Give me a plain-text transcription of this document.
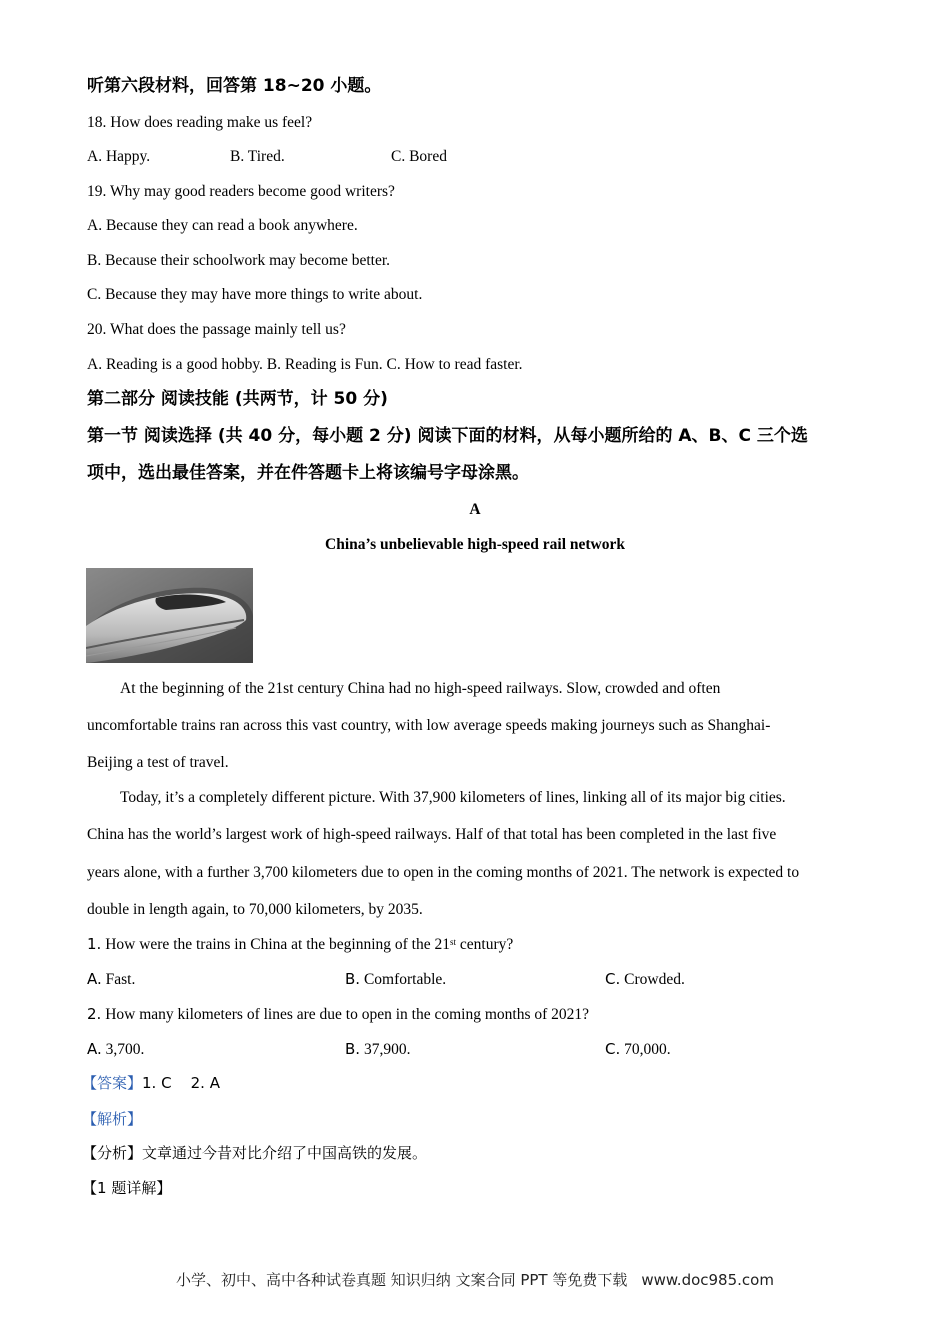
听第六段材料，回答第 18~20 小题。
18. How does reading make us feel?
A. Happy.	B. Tired.	C. Bored
19. Why may good readers become good writers?
A. Because they can read a book anywhere.
B. Because their schoolwork may become better.
C. Because they may have more things to write about.
20. What does the passage mainly tell us?
A. Reading is a good hobby. B. Reading is Fun. C. How to read faster.
第二部分 阅读技能 (共两节，计 50 分)
第一节 阅读选择 (共 40 分，每小题 2 分) 阅读下面的材料，从每小题所给的 A、B、C 三个选
项中，选出最佳答案，并在件答题卡上将该编号字母涂黑。
A
China’s unbelievable high-speed rail network
At the beginning of the 21st century China had no high-speed railways. Slow, crowded and often
uncomfortable trains ran across this vast country, with low average speeds making journeys such as Shanghai-
Beijing a test of travel.
Today, it’s a completely different picture. With 37,900 kilometers of lines, linking all of its major big cities.
China has the world’s largest work of high-speed railways. Half of that total has been completed in the last five
years alone, with a further 3,700 kilometers due to open in the coming months of 2021. The network is expected to
double in length again, to 70,000 kilometers, by 2035.
1. How were the trains in China at the beginning of the 21st century?
A. Fast.	B. Comfortable.	C. Crowded.
2. How many kilometers of lines are due to open in the coming months of 2021?
A. 3,700.	B. 37,900.	C. 70,000.
【答案】1. C    2. A
【解析】
【分析】文章通过今昔对比介绍了中国高铁的发展。
【1 题详解】
小学、初中、高中各种试卷真题 知识归纳 文案合同 PPT 等免费下载 www.doc985.com
